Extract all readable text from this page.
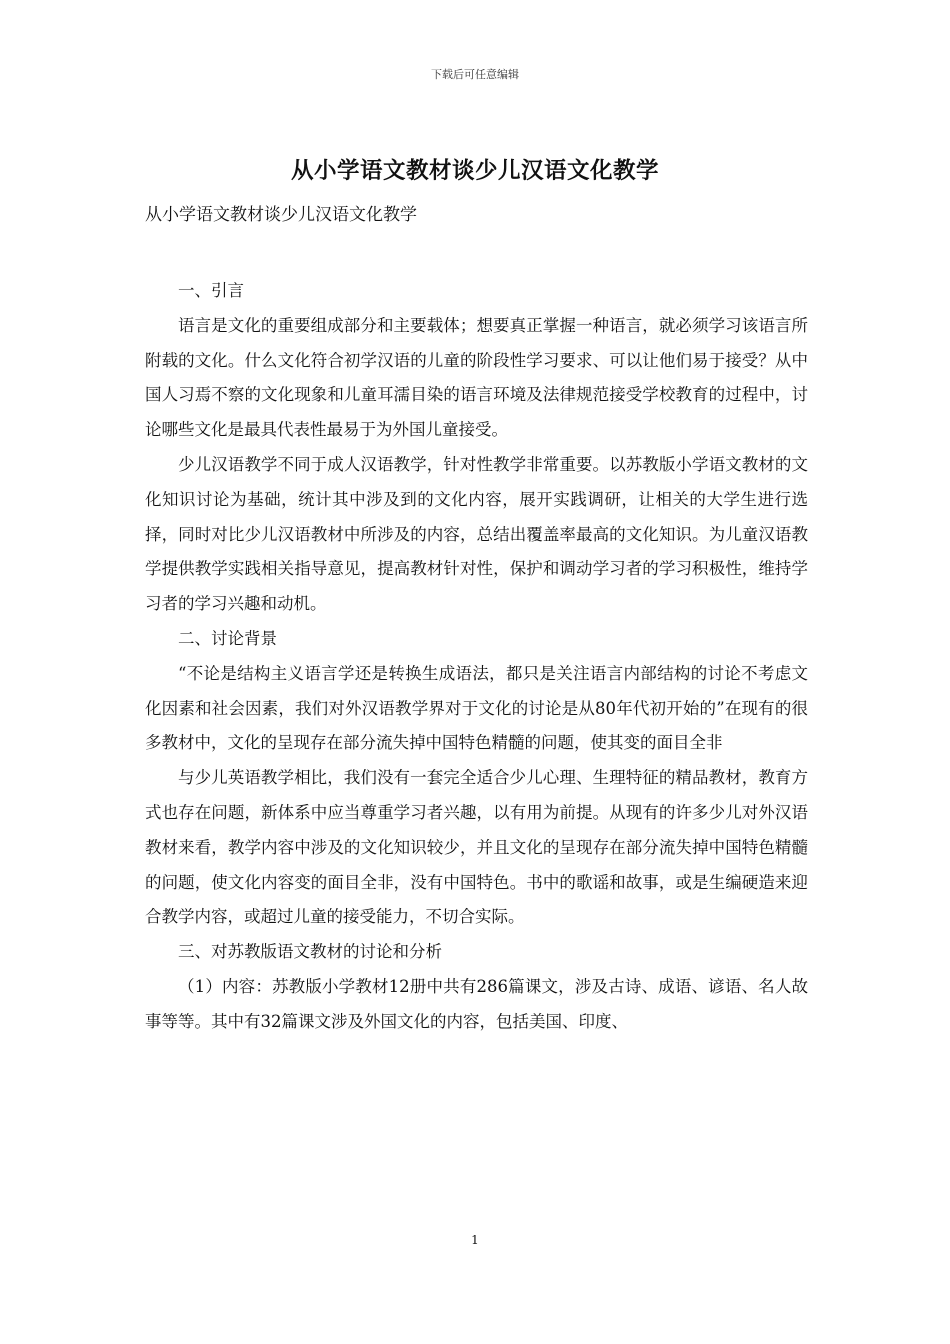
下载后可任意编辑
从小学语文教材谈少儿汉语文化教学
从小学语文教材谈少儿汉语文化教学

一、引言

语言是文化的重要组成部分和主要载体；想要真正掌握一种语言，就必须学习该语言所附载的文化。什么文化符合初学汉语的儿童的阶段性学习要求、可以让他们易于接受？从中国人习焉不察的文化现象和儿童耳濡目染的语言环境及法律规范接受学校教育的过程中，讨论哪些文化是最具代表性最易于为外国儿童接受。

少儿汉语教学不同于成人汉语教学，针对性教学非常重要。以苏教版小学语文教材的文化知识讨论为基础，统计其中涉及到的文化内容，展开实践调研，让相关的大学生进行选择，同时对比少儿汉语教材中所涉及的内容，总结出覆盖率最高的文化知识。为儿童汉语教学提供教学实践相关指导意见，提高教材针对性，保护和调动学习者的学习积极性，维持学习者的学习兴趣和动机。

二、讨论背景

“不论是结构主义语言学还是转换生成语法，都只是关注语言内部结构的讨论不考虑文化因素和社会因素，我们对外汉语教学界对于文化的讨论是从80年代初开始的”在现有的很多教材中，文化的呈现存在部分流失掉中国特色精髓的问题，使其变的面目全非

与少儿英语教学相比，我们没有一套完全适合少儿心理、生理特征的精品教材，教育方式也存在问题，新体系中应当尊重学习者兴趣，以有用为前提。从现有的许多少儿对外汉语教材来看，教学内容中涉及的文化知识较少，并且文化的呈现存在部分流失掉中国特色精髓的问题，使文化内容变的面目全非，没有中国特色。书中的歌谣和故事，或是生编硬造来迎合教学内容，或超过儿童的接受能力，不切合实际。

三、对苏教版语文教材的讨论和分析

（1）内容：苏教版小学教材12册中共有286篇课文，涉及古诗、成语、谚语、名人故事等等。其中有32篇课文涉及外国文化的内容，包括美国、印度、

1
